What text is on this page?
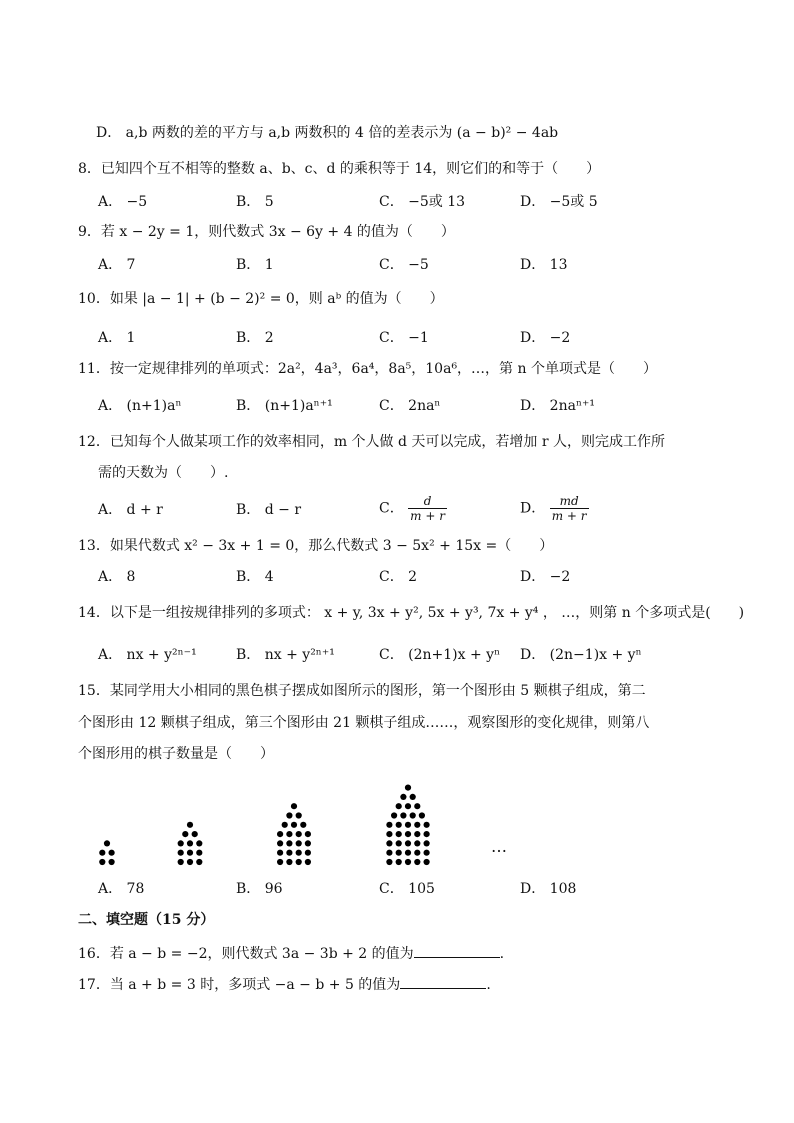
D． a,b 两数的差的平方与 a,b 两数积的 4 倍的差表示为 (a − b)² − 4ab
8．已知四个互不相等的整数 a、b、c、d 的乘积等于 14，则它们的和等于（　　）
A． −5	B． 5	C． −5或 13	D． −5或 5
9．若 x − 2y = 1，则代数式 3x − 6y + 4 的值为（　　）
A． 7	B． 1	C． −5	D． 13
10．如果 |a − 1| + (b − 2)² = 0，则 aᵇ 的值为（　　）
A． 1	B． 2	C． −1	D． −2
11．按一定规律排列的单项式：2a²，4a³，6a⁴，8a⁵，10a⁶，…，第 n 个单项式是（　　）
A． (n+1)aⁿ	B． (n+1)aⁿ⁺¹	C． 2naⁿ	D． 2naⁿ⁺¹
12．已知每个人做某项工作的效率相同，m 个人做 d 天可以完成，若增加 r 人，则完成工作所
需的天数为（　　）.
A． d + r	B． d − r	C． $\frac{d}{m + r}$	D． $\frac{md}{m + r}$
13．如果代数式 x² − 3x + 1 = 0，那么代数式 3 − 5x² + 15x =（　　）
A． 8	B． 4	C． 2	D． −2
14．以下是一组按规律排列的多项式： x + y, 3x + y², 5x + y³, 7x + y⁴ ， …，则第 n 个多项式是(　　)
A． nx + y²ⁿ⁻¹	B． nx + y²ⁿ⁺¹	C． (2n+1)x + yⁿ D． (2n−1)x + yⁿ
15．某同学用大小相同的黑色棋子摆成如图所示的图形，第一个图形由 5 颗棋子组成，第二
个图形由 12 颗棋子组成，第三个图形由 21 颗棋子组成……，观察图形的变化规律，则第八
个图形用的棋子数量是（　　）
…
A． 78	B． 96	C． 105	D． 108
二、填空题（15 分）
16．若 a − b = −2，则代数式 3a − 3b + 2 的值为	.
17．当 a + b = 3 时，多项式 −a − b + 5 的值为	.
